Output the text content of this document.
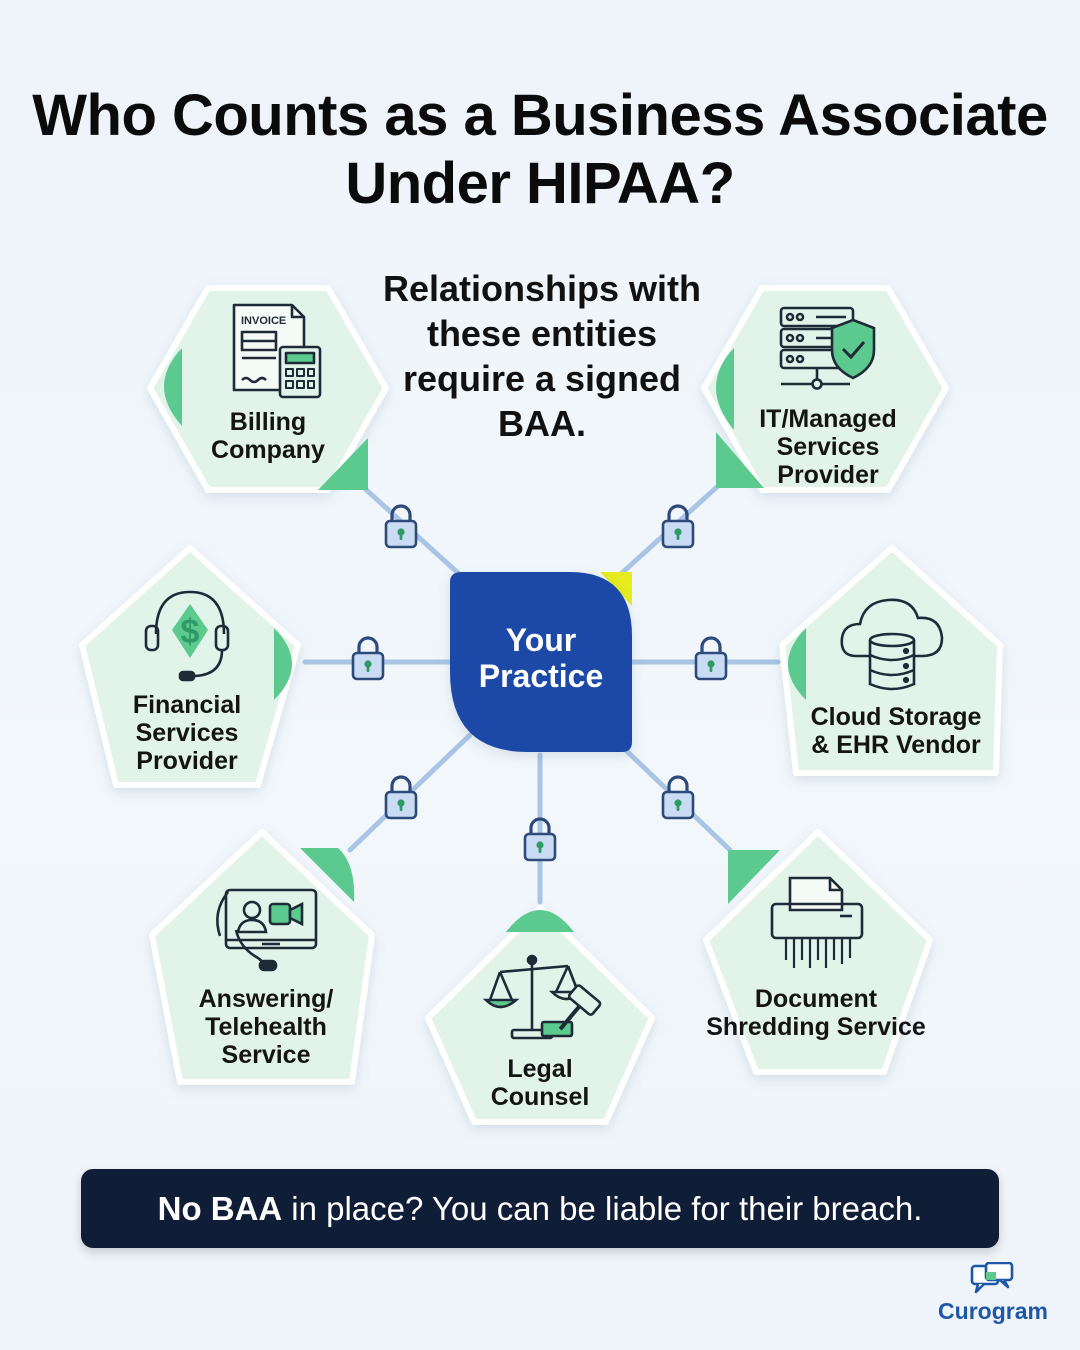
Who Counts as a Business Associate Under HIPAA?
Relationships with these entities require a signed BAA.
INVOICE
$
Billing
Company
IT/Managed
Services
Provider
Financial
Services
Provider
Cloud Storage
& EHR Vendor
Answering/
Telehealth
Service	Legal
Counsel
Document
Shredding Service
Your Practice
No BAA in place? You can be liable for their breach.
Curogram
